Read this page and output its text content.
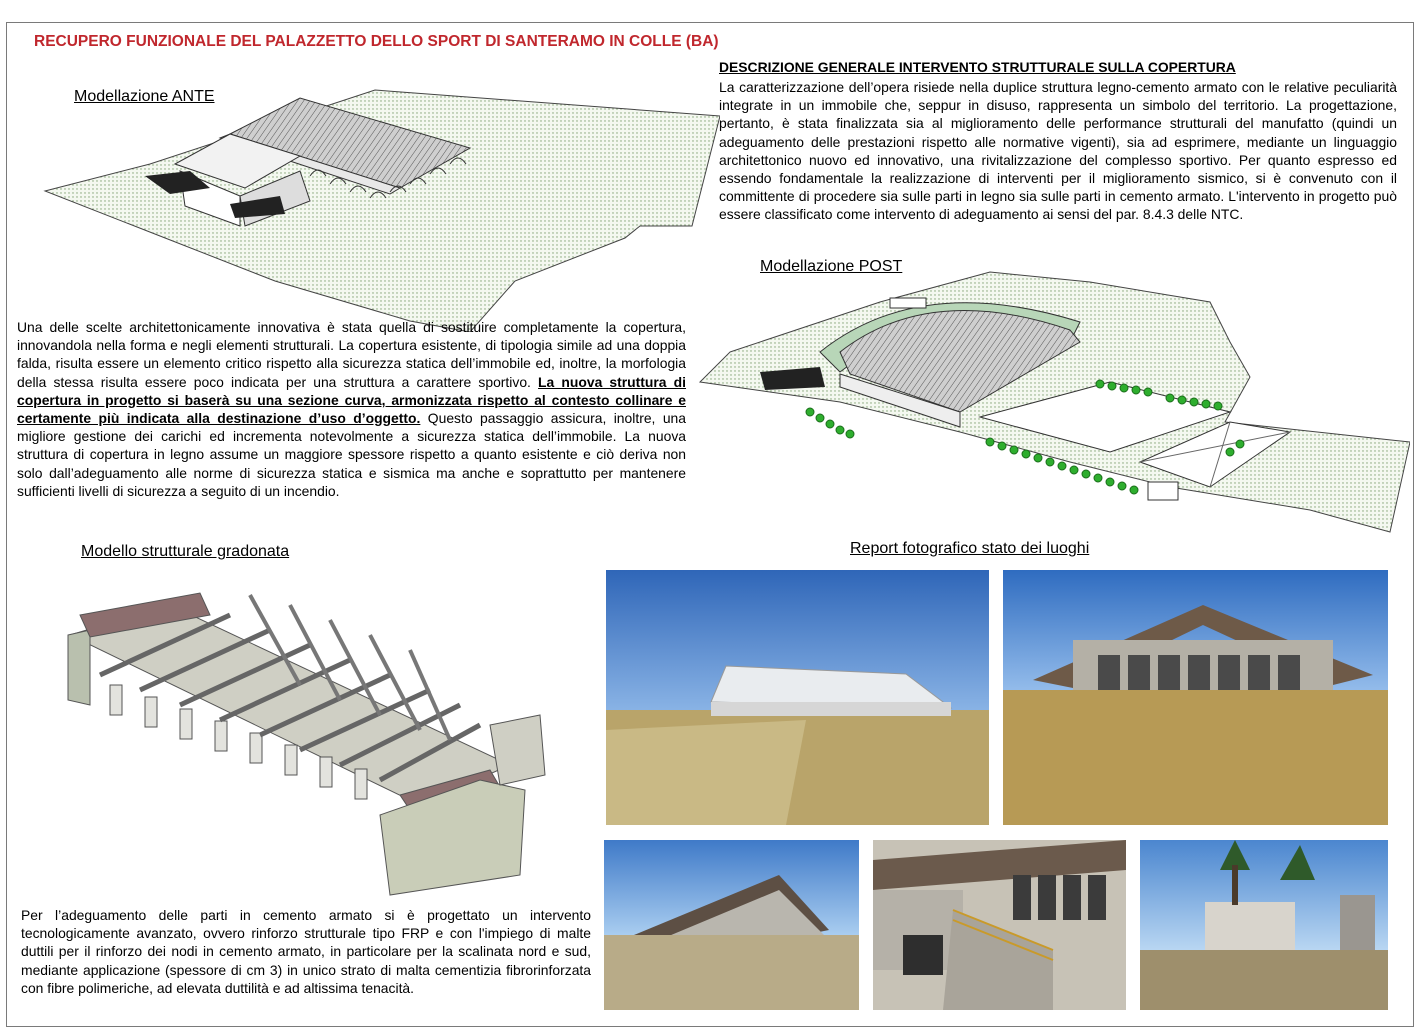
RECUPERO FUNZIONALE DEL PALAZZETTO DELLO SPORT DI SANTERAMO IN COLLE (BA)
Modellazione ANTE
DESCRIZIONE GENERALE INTERVENTO STRUTTURALE SULLA COPERTURA

La caratterizzazione dell’opera risiede nella duplice struttura legno-cemento armato con le relative peculiarità integrate in un immobile che, seppur in disuso, rappresenta un simbolo del territorio. La progettazione, pertanto, è stata finalizzata sia al miglioramento delle performance strutturali del manufatto (quindi un adeguamento delle prestazioni rispetto alle normative vigenti), sia ad esprimere, mediante un linguaggio architettonico nuovo ed innovativo, una rivitalizzazione del complesso sportivo. Per quanto espresso ed essendo fondamentale la realizzazione di interventi per il miglioramento sismico, si è convenuto con il committente di procedere sia sulle parti in legno sia sulle parti in cemento armato. L'intervento in progetto può essere classificato come intervento di adeguamento ai sensi del par. 8.4.3 delle NTC.

Modellazione POST

Una delle scelte architettonicamente innovativa è stata quella di sostituire completamente la copertura, innovandola nella forma e negli elementi strutturali. La copertura esistente, di tipologia simile ad una doppia falda, risulta essere un elemento critico rispetto alla sicurezza statica dell’immobile ed, inoltre, la morfologia della stessa risulta essere poco indicata per una struttura a carattere sportivo. La nuova struttura di copertura in progetto si baserà su una sezione curva, armonizzata rispetto al contesto collinare e certamente più indicata alla destinazione d’uso d’oggetto. Questo passaggio assicura, inoltre, una migliore gestione dei carichi ed incrementa notevolmente a sicurezza statica dell’immobile. La nuova struttura di copertura in legno assume un maggiore spessore rispetto a quanto esistente e ciò deriva non solo dall’adeguamento alle norme di sicurezza statica e sismica ma anche e soprattutto per mantenere sufficienti livelli di sicurezza a seguito di un incendio.

Modello strutturale gradonata

Per l’adeguamento delle parti in cemento armato si è progettato un intervento tecnologicamente avanzato, ovvero rinforzo strutturale tipo FRP e con l'impiego di malte duttili per il rinforzo dei nodi in cemento armato, in particolare per la scalinata nord e sud, mediante applicazione (spessore di cm 3) in unico strato di malta cementizia fibrorinforzata con fibre polimeriche, ad elevata duttilità e ad altissima tenacità.

Report fotografico stato dei luoghi
